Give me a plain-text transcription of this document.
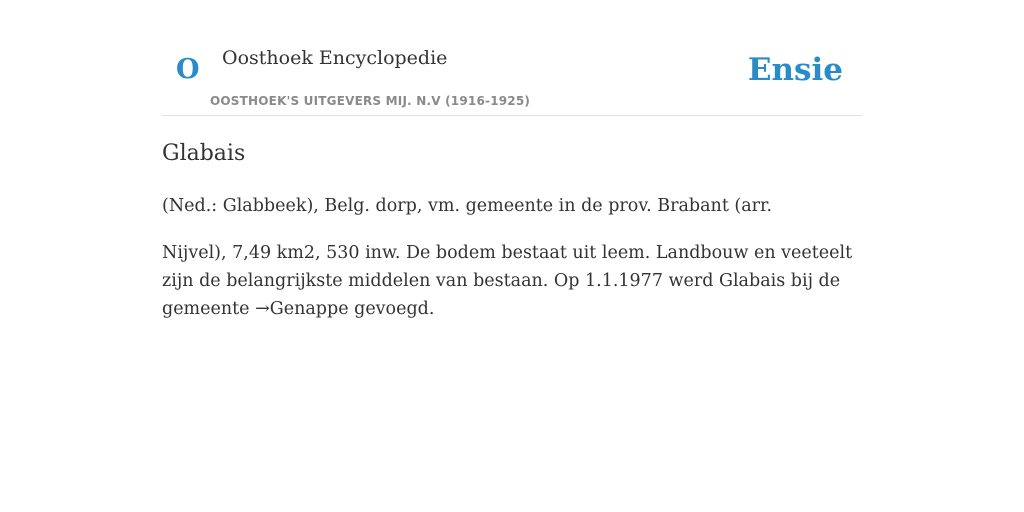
O Oosthoek Encyclopedie
OOSTHOEK'S UITGEVERS MIJ. N.V (1916-1925)
Ensie
Glabais

(Ned.: Glabbeek), Belg. dorp, vm. gemeente in de prov. Brabant (arr.

Nijvel), 7,49 km2, 530 inw. De bodem bestaat uit leem. Landbouw en veeteelt zijn de belangrijkste middelen van bestaan. Op 1.1.1977 werd Glabais bij de gemeente →Genappe gevoegd.
